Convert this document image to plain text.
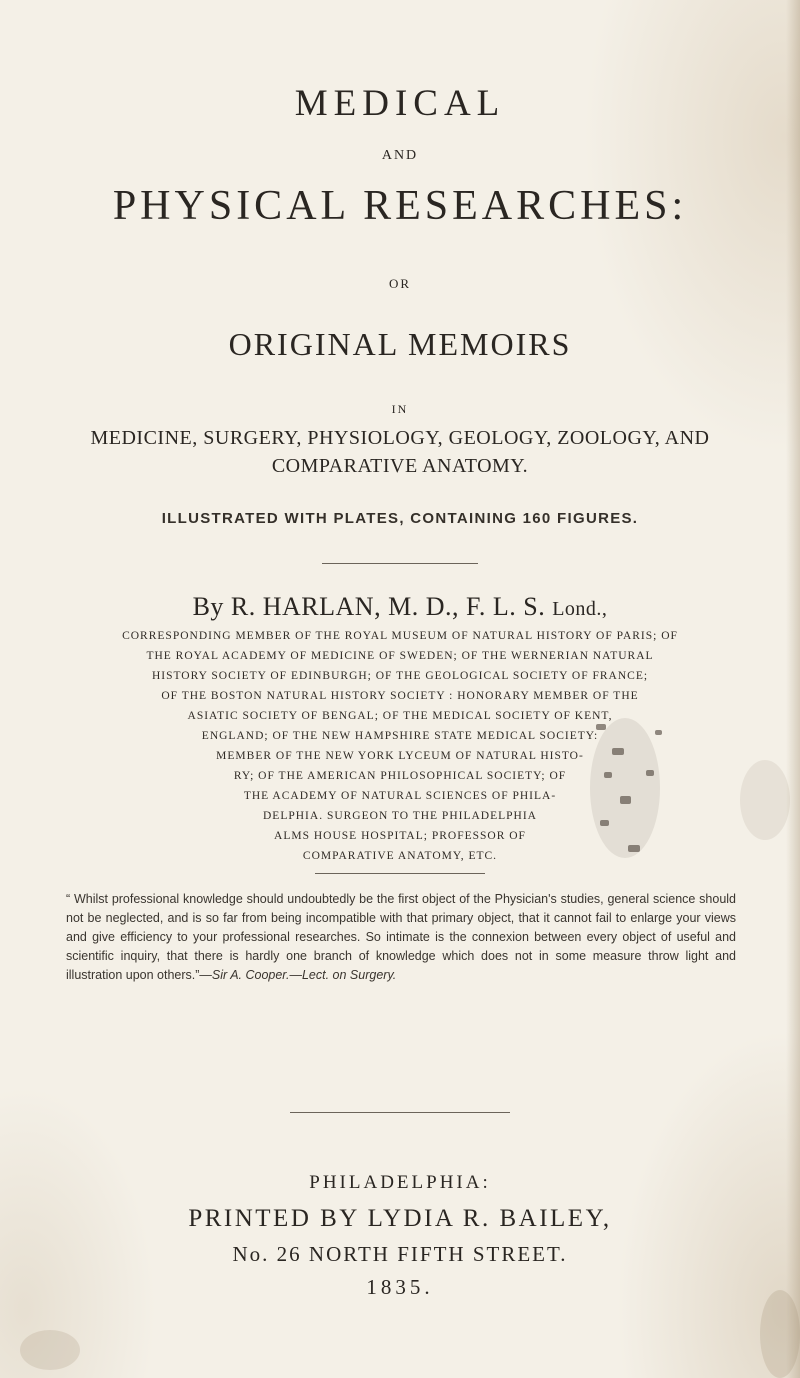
MEDICAL
AND
PHYSICAL RESEARCHES:
OR
ORIGINAL MEMOIRS
IN
MEDICINE, SURGERY, PHYSIOLOGY, GEOLOGY, ZOOLOGY, AND
COMPARATIVE ANATOMY.
ILLUSTRATED WITH PLATES, CONTAINING 160 FIGURES.
By R. HARLAN, M. D., F. L. S. Lond.,
CORRESPONDING MEMBER OF THE ROYAL MUSEUM OF NATURAL HISTORY OF PARIS; OF
THE ROYAL ACADEMY OF MEDICINE OF SWEDEN; OF THE WERNERIAN NATURAL
HISTORY SOCIETY OF EDINBURGH; OF THE GEOLOGICAL SOCIETY OF FRANCE;
OF THE BOSTON NATURAL HISTORY SOCIETY : HONORARY MEMBER OF THE
ASIATIC SOCIETY OF BENGAL; OF THE MEDICAL SOCIETY OF KENT,
ENGLAND; OF THE NEW HAMPSHIRE STATE MEDICAL SOCIETY:
MEMBER OF THE NEW YORK LYCEUM OF NATURAL HISTO-
RY; OF THE AMERICAN PHILOSOPHICAL SOCIETY; OF
THE ACADEMY OF NATURAL SCIENCES OF PHILA-
DELPHIA. SURGEON TO THE PHILADELPHIA
ALMS HOUSE HOSPITAL; PROFESSOR OF
COMPARATIVE ANATOMY, ETC.
“ Whilst professional knowledge should undoubtedly be the first object of the Physician's studies, general science should not be neglected, and is so far from being incompatible with that primary object, that it cannot fail to enlarge your views and give efficiency to your professional researches. So intimate is the connexion between every object of useful and scientific inquiry, that there is hardly one branch of knowledge which does not in some measure throw light and illustration upon others.”—Sir A. Cooper.—Lect. on Surgery.
PHILADELPHIA:
PRINTED BY LYDIA R. BAILEY,
No. 26 NORTH FIFTH STREET.
1835.
